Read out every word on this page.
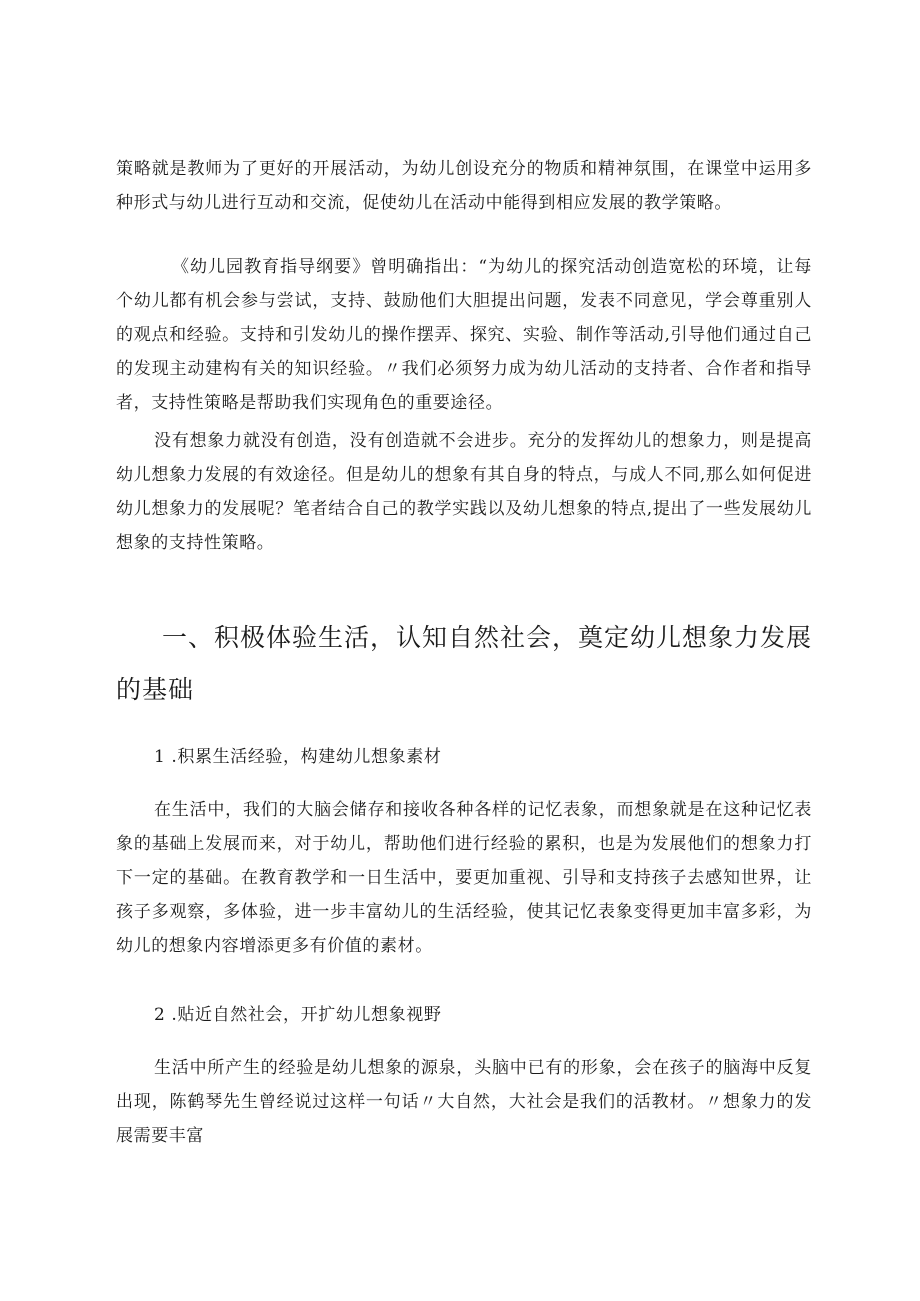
策略就是教师为了更好的开展活动，为幼儿创设充分的物质和精神氛围，在课堂中运用多种形式与幼儿进行互动和交流，促使幼儿在活动中能得到相应发展的教学策略。

《幼儿园教育指导纲要》曾明确指出：“为幼儿的探究活动创造宽松的环境，让每个幼儿都有机会参与尝试，支持、鼓励他们大胆提出问题，发表不同意见，学会尊重别人的观点和经验。支持和引发幼儿的操作摆弄、探究、实验、制作等活动,引导他们通过自己的发现主动建构有关的知识经验。〃我们必须努力成为幼儿活动的支持者、合作者和指导者，支持性策略是帮助我们实现角色的重要途径。

没有想象力就没有创造，没有创造就不会进步。充分的发挥幼儿的想象力，则是提高幼儿想象力发展的有效途径。但是幼儿的想象有其自身的特点，与成人不同,那么如何促进幼儿想象力的发展呢？笔者结合自己的教学实践以及幼儿想象的特点,提出了一些发展幼儿想象的支持性策略。

一、积极体验生活，认知自然社会，奠定幼儿想象力发展的基础

1 .积累生活经验，构建幼儿想象素材

在生活中，我们的大脑会储存和接收各种各样的记忆表象，而想象就是在这种记忆表象的基础上发展而来，对于幼儿，帮助他们进行经验的累积，也是为发展他们的想象力打下一定的基础。在教育教学和一日生活中，要更加重视、引导和支持孩子去感知世界，让孩子多观察，多体验，进一步丰富幼儿的生活经验，使其记忆表象变得更加丰富多彩，为幼儿的想象内容增添更多有价值的素材。

2 .贴近自然社会，开扩幼儿想象视野

生活中所产生的经验是幼儿想象的源泉，头脑中已有的形象，会在孩子的脑海中反复出现，陈鹤琴先生曾经说过这样一句话〃大自然，大社会是我们的活教材。〃想象力的发展需要丰富
